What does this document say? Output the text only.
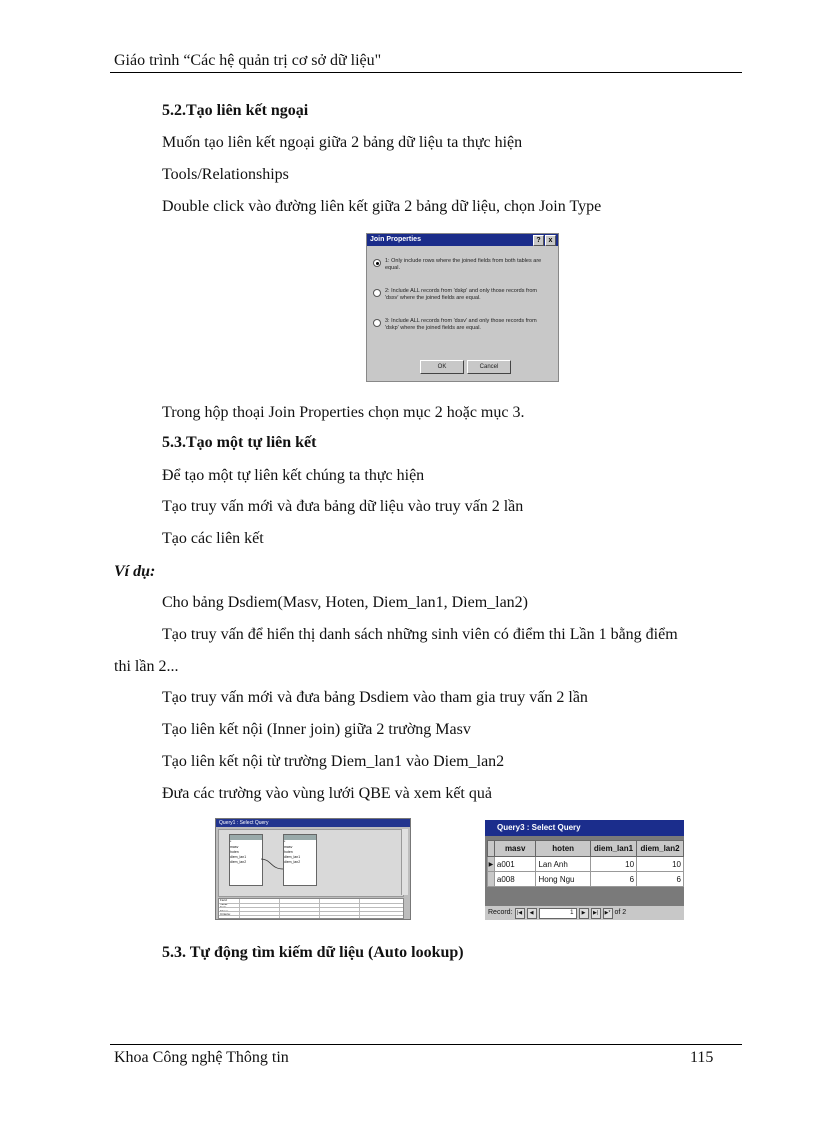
Giáo trình “Các hệ quản trị cơ sở dữ liệu"
5.2.Tạo liên kết ngoại
Muốn tạo liên kết ngoại giữa 2 bảng dữ liệu ta thực hiện
Tools/Relationships
Double click vào đường liên kết giữa 2 bảng dữ liệu, chọn Join Type
Join Properties	?	x
1: Only include rows where the joined fields from both tables are equal.
2: Include ALL records from 'dskp' and only those records from 'dssv' where the joined fields are equal.
3: Include ALL records from 'dssv' and only those records from 'dskp' where the joined fields are equal.
OK	Cancel
Trong hộp thoại Join Properties chọn mục 2 hoặc mục 3.
5.3.Tạo một tự liên kết
Để tạo một tự liên kết chúng ta thực hiện
Tạo truy vấn mới và đưa bảng dữ liệu vào truy vấn 2 lần
Tạo các liên kết
Ví dụ:
Cho bảng Dsdiem(Masv, Hoten, Diem_lan1, Diem_lan2)
Tạo truy vấn để hiển thị danh sách những sinh viên có điểm thi Lần 1 bằng điểm
thi lần 2...
Tạo truy vấn mới và đưa bảng Dsdiem vào tham gia truy vấn 2 lần
Tạo liên kết nội (Inner join) giữa 2 trường Masv
Tạo liên kết nội từ trường Diem_lan1 vào Diem_lan2
Đưa các trường vào vùng lưới QBE và xem kết quả
Query1 : Select Query
*
masv
hoten
diem_lan1
diem_lan2
*
masv
hoten
diem_lan1
diem_lan2
Field:
Table:
Sort:
Show:
Criteria:
Query3 : Select Query
	masv	hoten	diem_lan1	diem_lan2
▶	a001	Lan Anh	10	10
	a008	Hong Ngu	6	6
Record: |◀	◀	1	▶	▶|	▶* of 2
5.3. Tự động tìm kiếm dữ liệu (Auto lookup)
Khoa Công nghệ Thông tin	115
